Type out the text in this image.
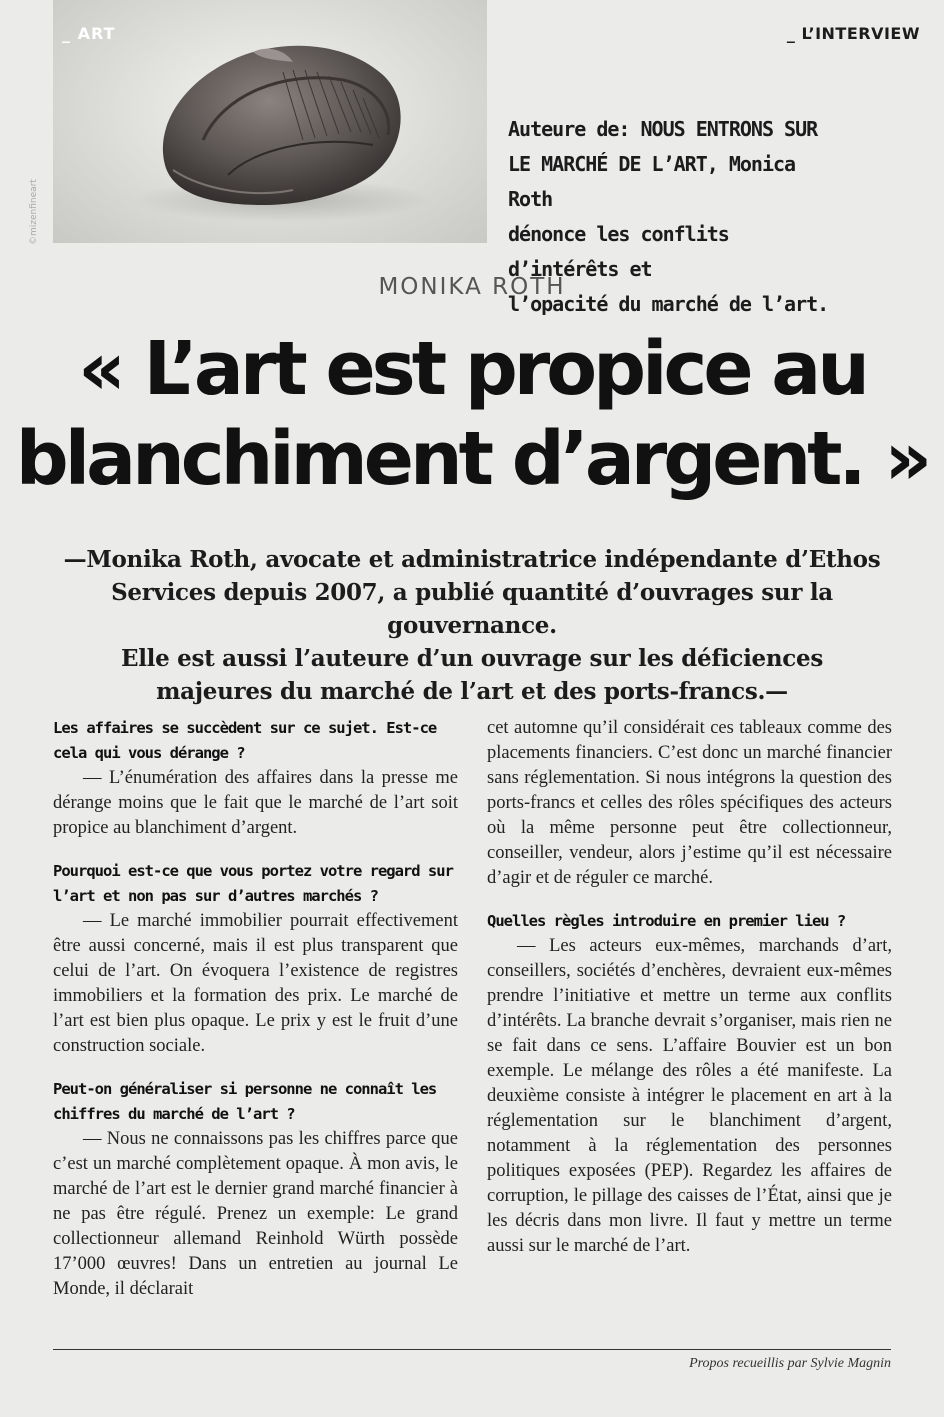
_ ART	_ L’INTERVIEW
©mizenfineart
Auteure de: NOUS ENTRONS SUR
LE MARCHÉ DE L’ART, Monica Roth
dénonce les conflits d’intérêts et
l’opacité du marché de l’art.
MONIKA ROTH
« L’art est propice au
blanchiment d’argent. »
—Monika Roth, avocate et administratrice indépendante d’Ethos
Services depuis 2007, a publié quantité d’ouvrages sur la gouvernance.
Elle est aussi l’auteure d’un ouvrage sur les déficiences
majeures du marché de l’art et des ports-francs.—
Les affaires se succèdent sur ce sujet. Est-ce cela qui vous dérange ?
— L’énumération des affaires dans la presse me dérange moins que le fait que le marché de l’art soit propice au blanchiment d’argent.
Pourquoi est-ce que vous portez votre regard sur l’art et non pas sur d’autres marchés ?
— Le marché immobilier pourrait effectivement être aussi concerné, mais il est plus transparent que celui de l’art. On évoquera l’existence de registres immobiliers et la formation des prix. Le marché de l’art est bien plus opaque. Le prix y est le fruit d’une construction sociale.
Peut-on généraliser si personne ne connaît les chiffres du marché de l’art ?
— Nous ne connaissons pas les chiffres parce que c’est un marché complètement opaque. À mon avis, le marché de l’art est le dernier grand marché financier à ne pas être régulé. Prenez un exemple: Le grand collectionneur allemand Reinhold Würth possède 17’000 œuvres! Dans un entretien au journal Le Monde, il déclarait
cet automne qu’il considérait ces tableaux comme des placements financiers. C’est donc un marché financier sans réglementation. Si nous intégrons la question des ports-francs et celles des rôles spécifiques des acteurs où la même personne peut être collectionneur, conseiller, vendeur, alors j’estime qu’il est nécessaire d’agir et de réguler ce marché.
Quelles règles introduire en premier lieu ?
— Les acteurs eux-mêmes, marchands d’art, conseillers, sociétés d’enchères, devraient eux-mêmes prendre l’initiative et mettre un terme aux conflits d’intérêts. La branche devrait s’organiser, mais rien ne se fait dans ce sens. L’affaire Bouvier est un bon exemple. Le mélange des rôles a été manifeste. La deuxième consiste à intégrer le placement en art à la réglementation sur le blanchiment d’argent, notamment à la réglementation des personnes politiques exposées (PEP). Regardez les affaires de corruption, le pillage des caisses de l’État, ainsi que je les décris dans mon livre. Il faut y mettre un terme aussi sur le marché de l’art.
Propos recueillis par Sylvie Magnin
